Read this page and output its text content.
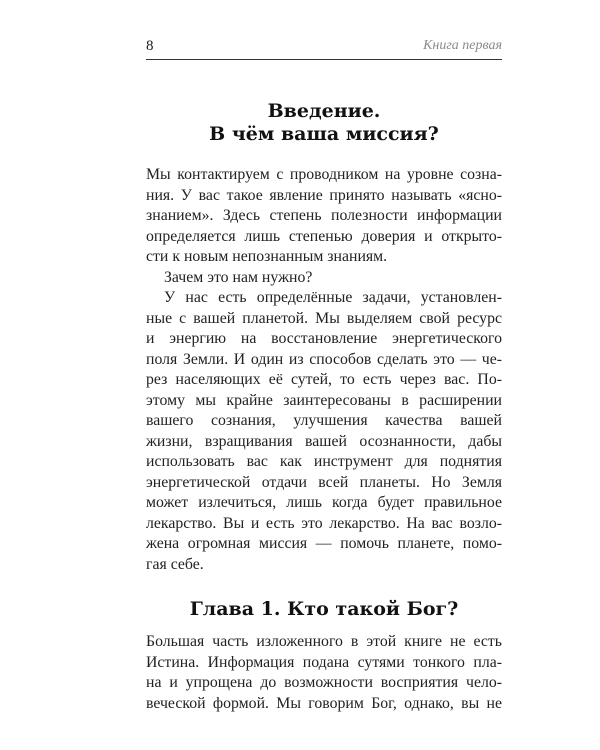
8	Книга первая

Введение.

В чём ваша миссия?

Мы контактируем с проводником на уровне созна-
ния. У вас такое явление принято называть «ясно-
знанием». Здесь степень полезности информации
определяется лишь степенью доверия и открыто-
сти к новым непознанным знаниям.
Зачем это нам нужно?
У нас есть определённые задачи, установлен-
ные с вашей планетой. Мы выделяем свой ресурс
и энергию на восстановление энергетического
поля Земли. И один из способов сделать это — че-
рез населяющих её сутей, то есть через вас. По-
этому мы крайне заинтересованы в расширении
вашего сознания, улучшения качества вашей
жизни, взращивания вашей осознанности, дабы
использовать вас как инструмент для поднятия
энергетической отдачи всей планеты. Но Земля
может излечиться, лишь когда будет правильное
лекарство. Вы и есть это лекарство. На вас возло-
жена огромная миссия — помочь планете, помо-
гая себе.

Глава 1. Кто такой Бог?

Большая часть изложенного в этой книге не есть
Истина. Информация подана сутями тонкого пла-
на и упрощена до возможности восприятия чело-
веческой формой. Мы говорим Бог, однако, вы не
